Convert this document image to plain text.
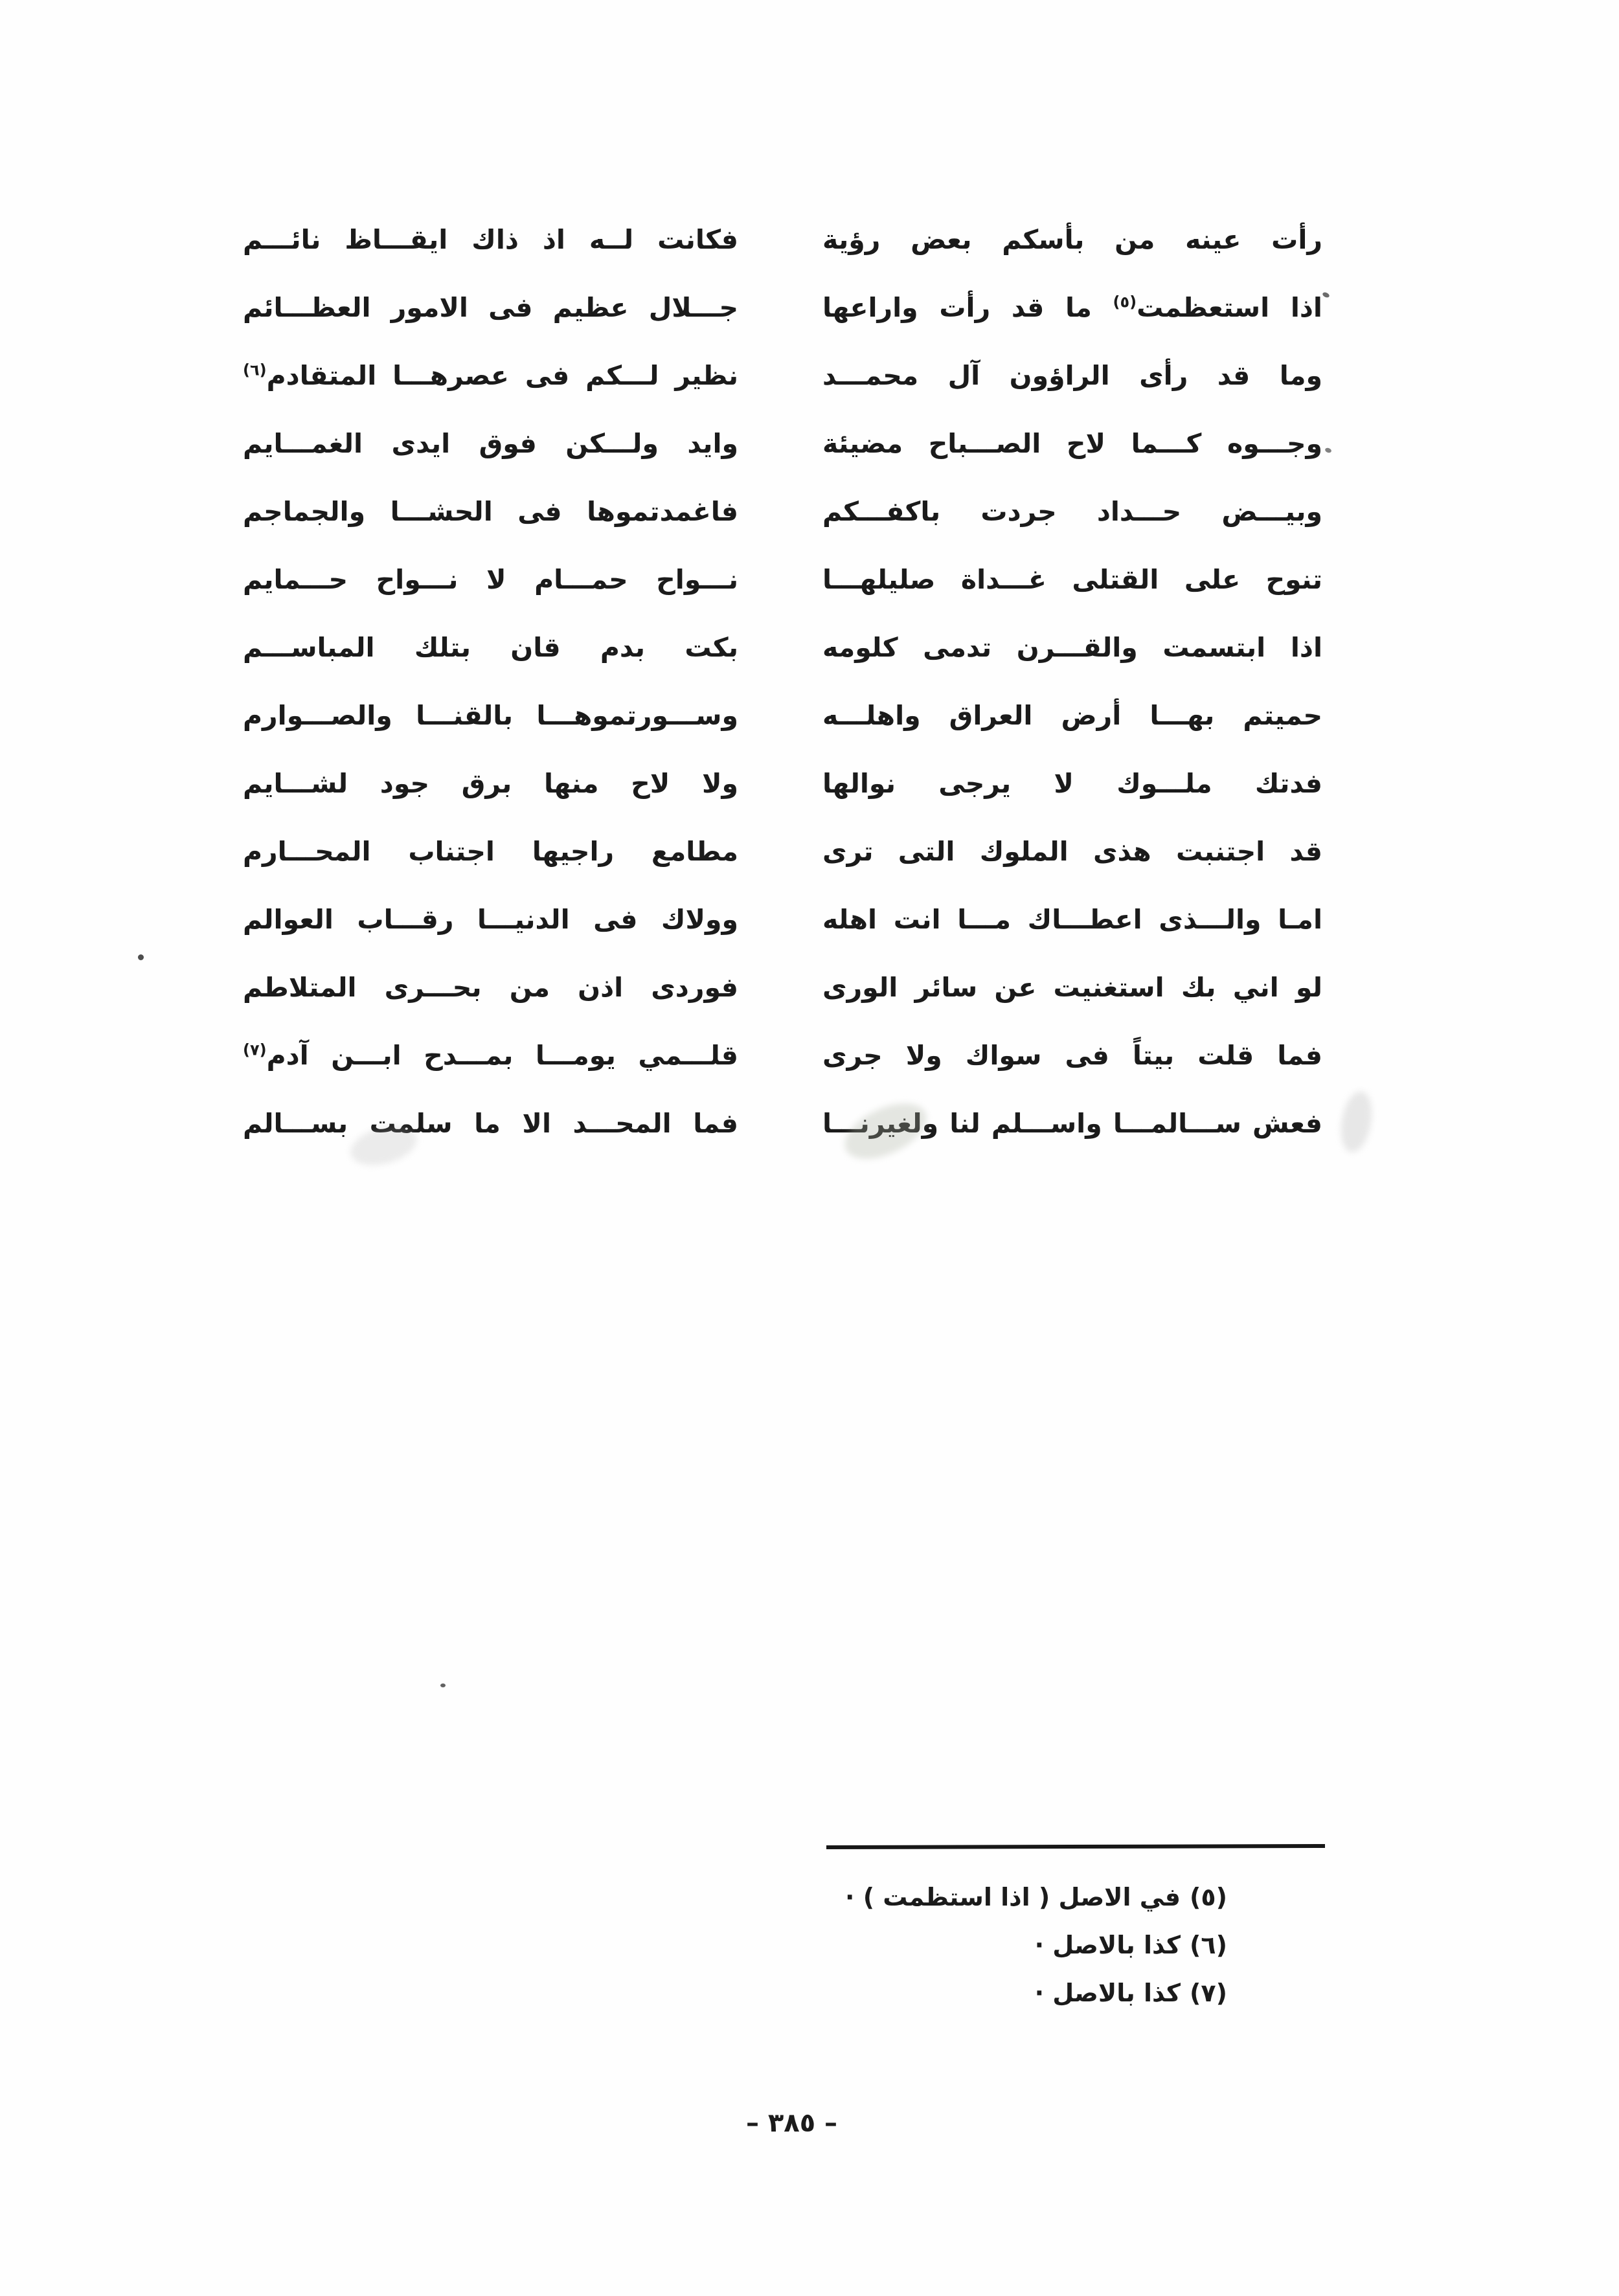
رأت عينه من بأسكم بعض رؤية
اذا استعظمت$^{(٥)}$ ما قد رأت واراعها
وما قد رأى الراؤون آل محمـــد
وجـــوه كـــما لاح الصـــباح مضيئة
وبيـــض حـــداد جردت باكفـــكم
تنوح على القتلى غـــداة صليلهـــا
اذا ابتسمت والقـــرن تدمى كلومه
حميتم بهـــا أرض العراق واهلـــه
فدتك ملـــوك لا يرجى نوالها
قد اجتنبت هذى الملوك التى ترى
امـا والـــذى اعطـــاك مـــا انت اهله
لو اني بك استغنيت عن سائر الورى
فما قلت بيتاً فى سواك ولا جرى
فعش ســـالمـــا واســـلم لنا ولغيرنـــا
فكانت لــه اذ ذاك ايقـــاظ نائـــم
جـــلال عظيم فى الامور العظـــائم
نظير لـــكم فى عصرهـــا المتقادم$^{(٦)}$
وايد ولـــكن فوق ايدى الغمـــايم
فاغمدتموها فى الحشـــا والجماجم
نـــواح حمـــام لا نـــواح حـــمايم
بكت بدم قان بتلك المباســـم
وســـورتموهـــا بالقنـــا والصـــوارم
ولا لاح منها برق جود لشـــايم
مطامع راجيها اجتناب المحـــارم
وولاك فى الدنيـــا رقـــاب العوالم
فوردى اذن من بحـــرى المتلاطم
قلـــمي يومـــا بمـــدح ابـــن آدم$^{(٧)}$
فما المحـــد الا ما سلمت بســـالم
(٥)في الاصل ( اذا استظمت ) ·
(٦)كذا بالاصل ·
(٧)كذا بالاصل ·
– ٣٨٥ –
